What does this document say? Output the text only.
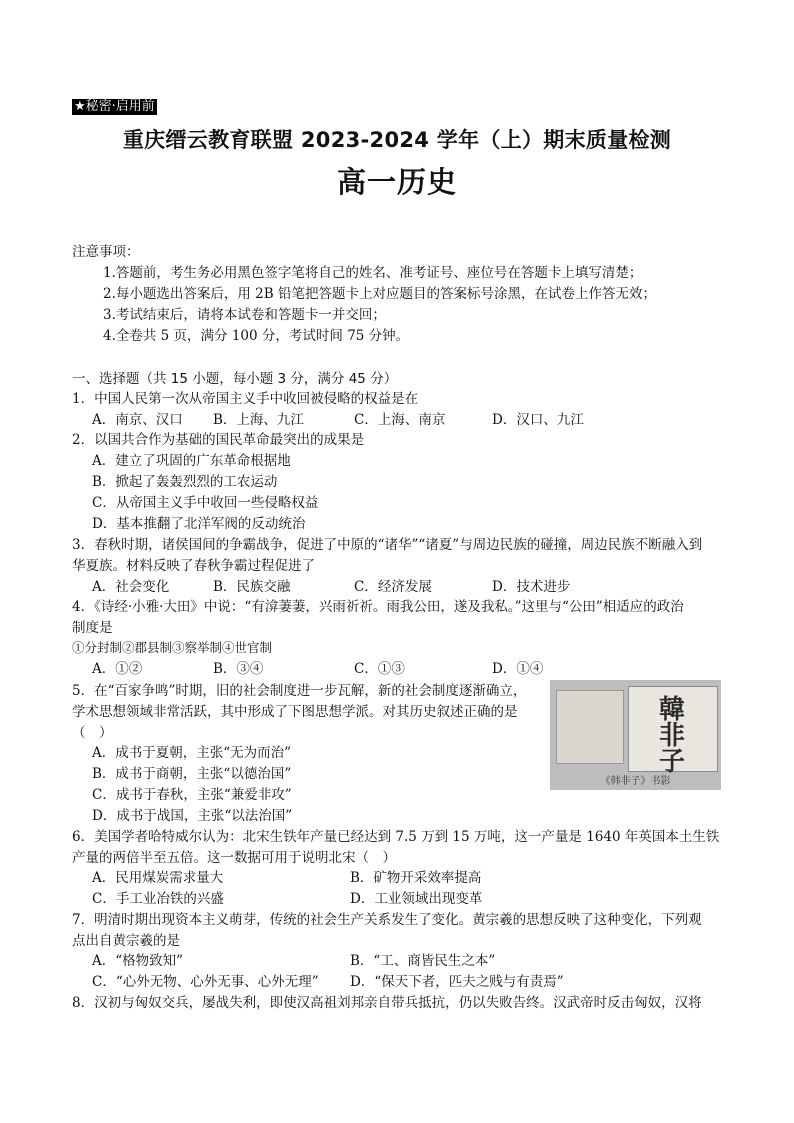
★秘密·启用前
重庆缙云教育联盟 2023-2024 学年（上）期末质量检测
高一历史
注意事项：
1.答题前，考生务必用黑色签字笔将自己的姓名、准考证号、座位号在答题卡上填写清楚；
2.每小题选出答案后，用 2B 铅笔把答题卡上对应题目的答案标号涂黑，在试卷上作答无效；
3.考试结束后，请将本试卷和答题卡一并交回；
4.全卷共 5 页，满分 100 分，考试时间 75 分钟。
一、选择题（共 15 小题，每小题 3 分，满分 45 分）
1．中国人民第一次从帝国主义手中收回被侵略的权益是在
A．南京、汉口 B．上海、九江	C．上海、南京	D．汉口、九江
2．以国共合作为基础的国民革命最突出的成果是
A．建立了巩固的广东革命根据地
B．掀起了轰轰烈烈的工农运动
C．从帝国主义手中收回一些侵略权益
D．基本推翻了北洋军阀的反动统治
3．春秋时期，诸侯国间的争霸战争，促进了中原的“诸华”“诸夏”与周边民族的碰撞，周边民族不断融入到
华夏族。材料反映了春秋争霸过程促进了
A．社会变化	B．民族交融	C．经济发展	D．技术进步
4．《诗经·小雅·大田》中说：“有渰萋萋，兴雨祈祈。雨我公田，遂及我私。”这里与“公田”相适应的政治
制度是
①分封制②郡县制③察举制④世官制
A．①②	B．③④	C．①③	D．①④
5．在“百家争鸣”时期，旧的社会制度进一步瓦解，新的社会制度逐渐确立，
学术思想领域非常活跃，其中形成了下图思想学派。对其历史叙述正确的是
（　）
A．成书于夏朝，主张“无为而治”
B．成书于商朝，主张“以德治国”
C．成书于春秋，主张“兼爱非攻”
D．成书于战国，主张“以法治国”
韓
非
子
《韩非子》书影
6．美国学者哈特威尔认为：北宋生铁年产量已经达到 7.5 万到 15 万吨，这一产量是 1640 年英国本土生铁
产量的两倍半至五倍。这一数据可用于说明北宋（　）
A．民用煤炭需求量大	B．矿物开采效率提高
C．手工业冶铁的兴盛	D．工业领域出现变革
7．明清时期出现资本主义萌芽，传统的社会生产关系发生了变化。黄宗羲的思想反映了这种变化，下列观
点出自黄宗羲的是
A．“格物致知”	B．“工、商皆民生之本”
C．“心外无物、心外无事、心外无理” D．“保天下者，匹夫之贱与有责焉”
8．汉初与匈奴交兵，屡战失利，即使汉高祖刘邦亲自带兵抵抗，仍以失败告终。汉武帝时反击匈奴，汉将
